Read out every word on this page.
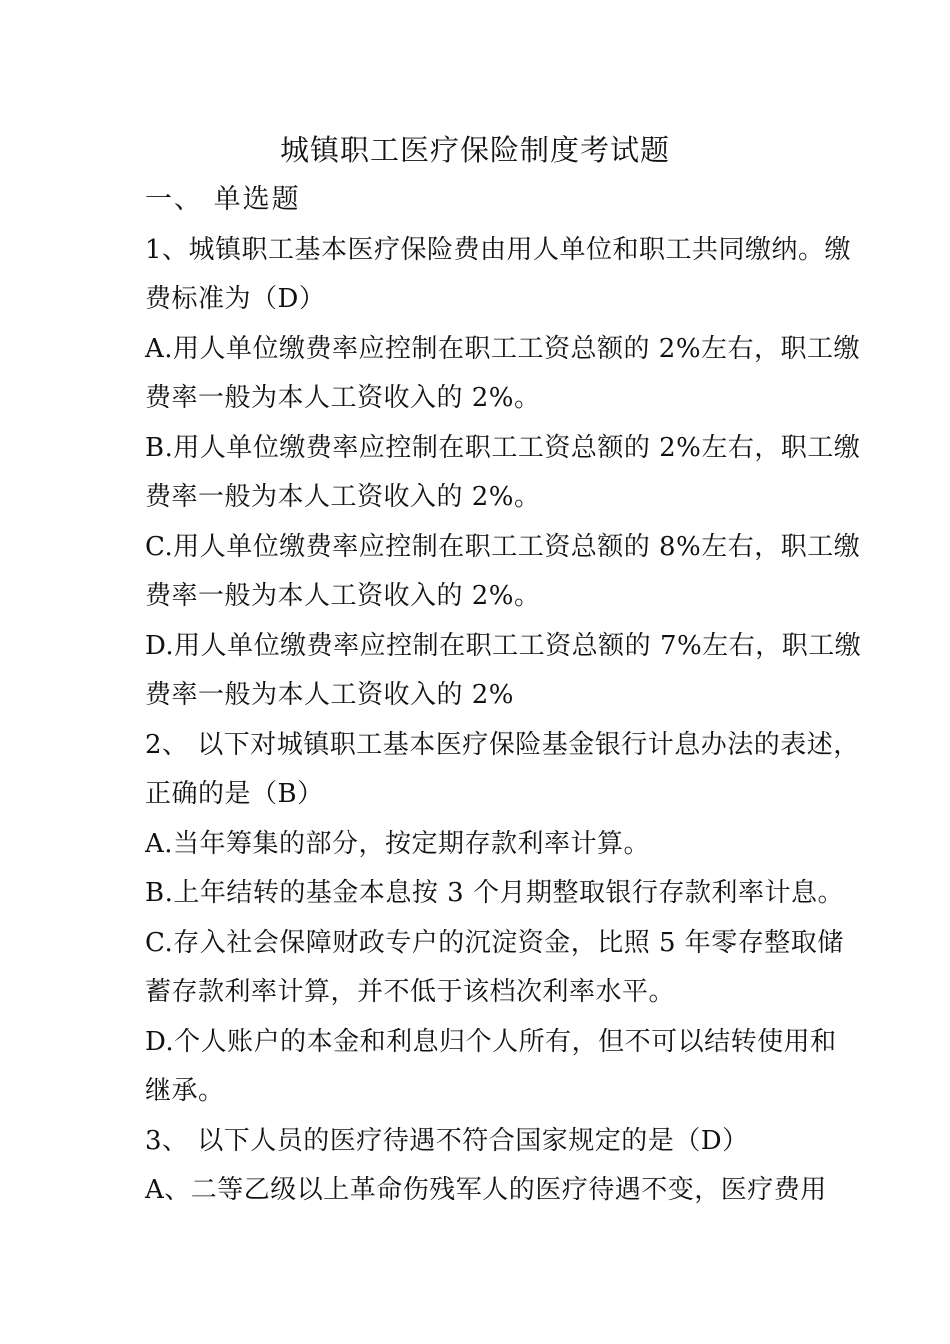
城镇职工医疗保险制度考试题
一、 单选题
1、城镇职工基本医疗保险费由用人单位和职工共同缴纳。缴
费标准为（D）
A.用人单位缴费率应控制在职工工资总额的 2%左右，职工缴
费率一般为本人工资收入的 2%。
B.用人单位缴费率应控制在职工工资总额的 2%左右，职工缴
费率一般为本人工资收入的 2%。
C.用人单位缴费率应控制在职工工资总额的 8%左右，职工缴
费率一般为本人工资收入的 2%。
D.用人单位缴费率应控制在职工工资总额的 7%左右，职工缴
费率一般为本人工资收入的 2%
2、 以下对城镇职工基本医疗保险基金银行计息办法的表述，
正确的是（B）
A.当年筹集的部分，按定期存款利率计算。
B.上年结转的基金本息按 3 个月期整取银行存款利率计息。
C.存入社会保障财政专户的沉淀资金，比照 5 年零存整取储
蓄存款利率计算，并不低于该档次利率水平。
D.个人账户的本金和利息归个人所有，但不可以结转使用和
继承。
3、 以下人员的医疗待遇不符合国家规定的是（D）
A、二等乙级以上革命伤残军人的医疗待遇不变，医疗费用
